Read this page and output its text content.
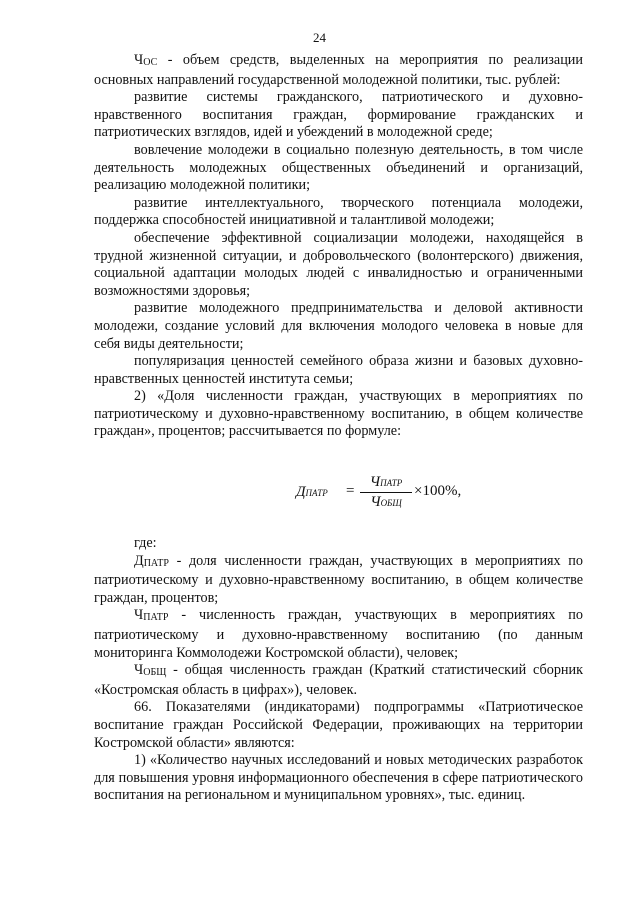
24

ЧОС - объем средств, выделенных на мероприятия по реализации основных направлений государственной молодежной политики, тыс. рублей:

развитие системы гражданского, патриотического и духовно-нравственного воспитания граждан, формирование гражданских и патриотических взглядов, идей и убеждений в молодежной среде;

вовлечение молодежи в социально полезную деятельность, в том числе деятельность молодежных общественных объединений и организаций, реализацию молодежной политики;

развитие интеллектуального, творческого потенциала молодежи, поддержка способностей инициативной и талантливой молодежи;

обеспечение эффективной социализации молодежи, находящейся в трудной жизненной ситуации, и добровольческого (волонтерского) движения, социальной адаптации молодых людей с инвалидностью и ограниченными возможностями здоровья;

развитие молодежного предпринимательства и деловой активности молодежи, создание условий для включения молодого человека в новые для себя виды деятельности;

популяризация ценностей семейного образа жизни и базовых духовно-нравственных ценностей института семьи;

2) «Доля численности граждан, участвующих в мероприятиях по патриотическому и духовно-нравственному воспитанию, в общем количестве граждан», процентов; рассчитывается по формуле:

ДПАТР =
ЧПАТР
ЧОБЩ
×100%,

где:

ДПАТР - доля численности граждан, участвующих в мероприятиях по патриотическому и духовно-нравственному воспитанию, в общем количестве граждан, процентов;

ЧПАТР - численность граждан, участвующих в мероприятиях по патриотическому и духовно-нравственному воспитанию (по данным мониторинга Коммолодежи Костромской области), человек;

ЧОБЩ - общая численность граждан (Краткий статистический сборник «Костромская область в цифрах»), человек.

66. Показателями (индикаторами) подпрограммы «Патриотическое воспитание граждан Российской Федерации, проживающих на территории Костромской области» являются:

1) «Количество научных исследований и новых методических разработок для повышения уровня информационного обеспечения в сфере патриотического воспитания на региональном и муниципальном уровнях», тыс. единиц.
